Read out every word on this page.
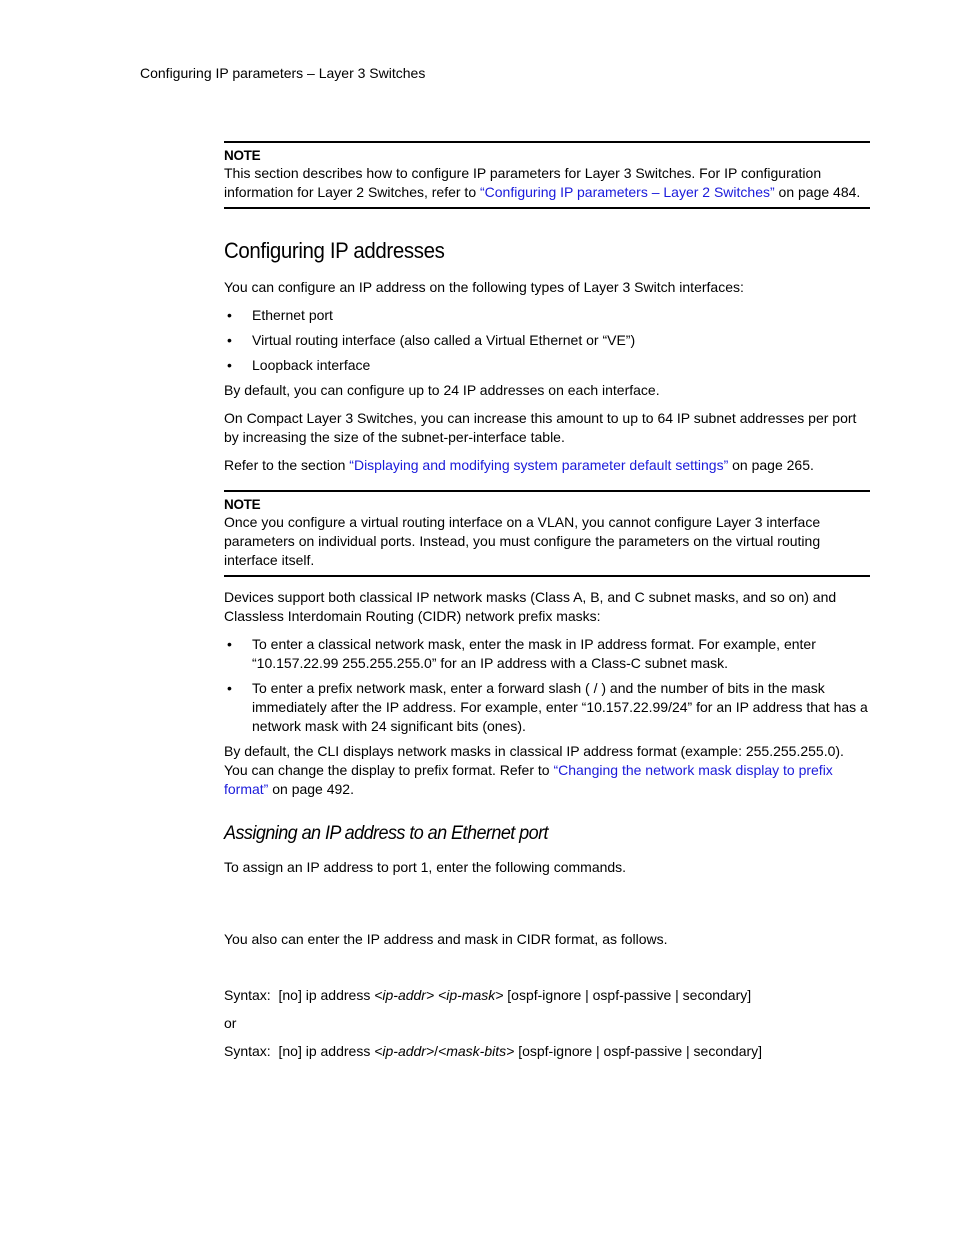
Configuring IP parameters – Layer 3 Switches

NOTE

This section describes how to configure IP parameters for Layer 3 Switches. For IP configuration information for Layer 2 Switches, refer to “Configuring IP parameters – Layer 2 Switches” on page 484.

Configuring IP addresses

You can configure an IP address on the following types of Layer 3 Switch interfaces:

• Ethernet port
• Virtual routing interface (also called a Virtual Ethernet or “VE”)
• Loopback interface

By default, you can configure up to 24 IP addresses on each interface.

On Compact Layer 3 Switches, you can increase this amount to up to 64 IP subnet addresses per port by increasing the size of the subnet-per-interface table.

Refer to the section “Displaying and modifying system parameter default settings” on page 265.

NOTE

Once you configure a virtual routing interface on a VLAN, you cannot configure Layer 3 interface parameters on individual ports. Instead, you must configure the parameters on the virtual routing interface itself.

Devices support both classical IP network masks (Class A, B, and C subnet masks, and so on) and Classless Interdomain Routing (CIDR) network prefix masks:

• To enter a classical network mask, enter the mask in IP address format. For example, enter “10.157.22.99 255.255.255.0” for an IP address with a Class-C subnet mask.
• To enter a prefix network mask, enter a forward slash ( / ) and the number of bits in the mask immediately after the IP address. For example, enter “10.157.22.99/24” for an IP address that has a network mask with 24 significant bits (ones).

By default, the CLI displays network masks in classical IP address format (example: 255.255.255.0). You can change the display to prefix format. Refer to “Changing the network mask display to prefix format” on page 492.

Assigning an IP address to an Ethernet port

To assign an IP address to port 1, enter the following commands.

You also can enter the IP address and mask in CIDR format, as follows.

Syntax: [no] ip address <ip-addr> <ip-mask> [ospf-ignore | ospf-passive | secondary]

or

Syntax: [no] ip address <ip-addr>/<mask-bits> [ospf-ignore | ospf-passive | secondary]
